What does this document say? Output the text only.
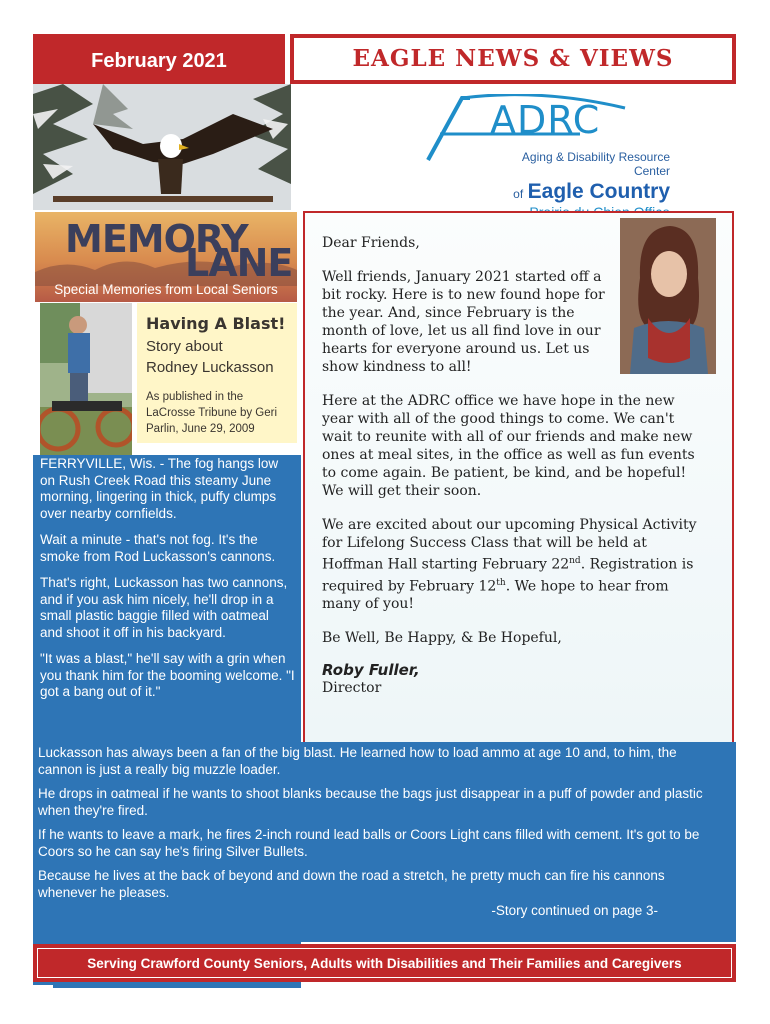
February 2021	EAGLE NEWS & VIEWS
ADRC
Aging & Disability Resource Center
of Eagle Country
MEMORY
LANE
Special Memories from Local Seniors
Having A Blast!
Story about
Rodney Luckasson
As published in the
LaCrosse Tribune by Geri
Parlin, June 29, 2009

FERRYVILLE, Wis. - The fog hangs low on Rush Creek Road this steamy June morning, lingering in thick, puffy clumps over nearby cornfields.

Wait a minute - that's not fog. It's the smoke from Rod Luckasson's cannons.

That's right, Luckasson has two cannons, and if you ask him nicely, he'll drop in a small plastic baggie filled with oatmeal and shoot it off in his backyard.

"It was a blast," he'll say with a grin when you thank him for the booming welcome. "I got a bang out of it."

Dear Friends,

Well friends, January 2021 started off a bit rocky. Here is to new found hope for the year. And, since February is the month of love, let us all find love in our hearts for everyone around us. Let us show kindness to all!

Here at the ADRC office we have hope in the new year with all of the good things to come. We can't wait to reunite with all of our friends and make new ones at meal sites, in the office as well as fun events to come again. Be patient, be kind, and be hopeful! We will get their soon.

We are excited about our upcoming Physical Activity for Lifelong Success Class that will be held at Hoffman Hall starting February 22nd. Registration is required by February 12th. We hope to hear from many of you!

Be Well, Be Happy, & Be Hopeful,

Roby Fuller,

Director

Luckasson has always been a fan of the big blast. He learned how to load ammo at age 10 and, to him, the cannon is just a really big muzzle loader.

He drops in oatmeal if he wants to shoot blanks because the bags just disappear in a puff of powder and plastic when they're fired.

If he wants to leave a mark, he fires 2-inch round lead balls or Coors Light cans filled with cement. It's got to be Coors so he can say he's firing Silver Bullets.

Because he lives at the back of beyond and down the road a stretch, he pretty much can fire his cannons whenever he pleases.

-Story continued on page 3-

Serving Crawford County Seniors, Adults with Disabilities and Their Families and Caregivers
